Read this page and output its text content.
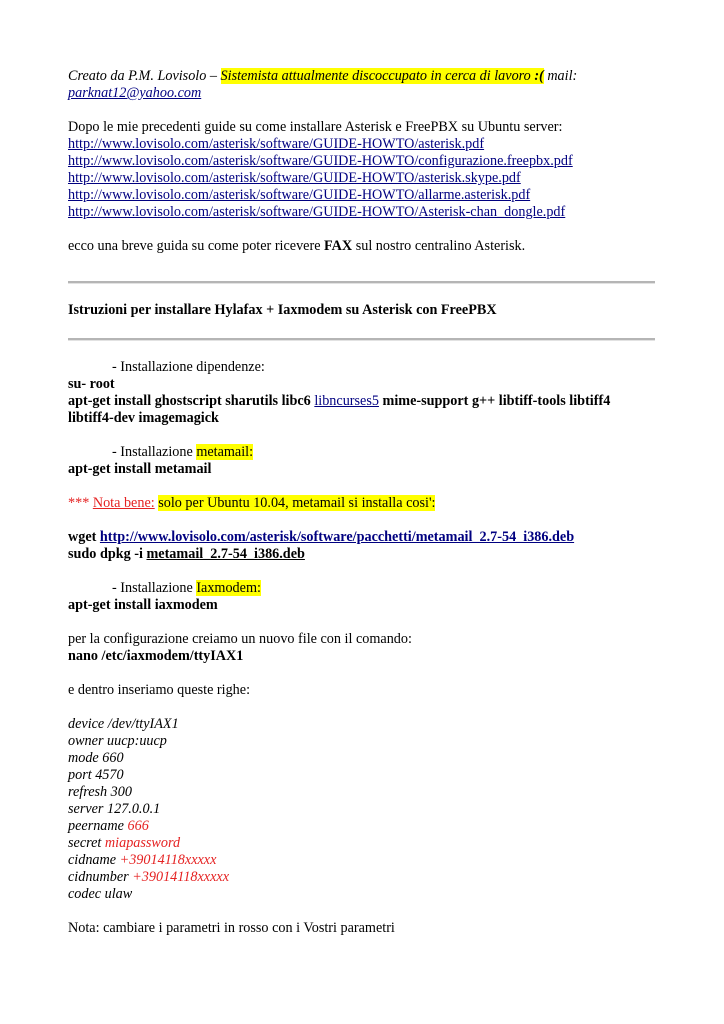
Creato da P.M. Lovisolo – Sistemista attualmente discoccupato in cerca di lavoro :( mail:
parknat12@yahoo.com
Dopo le mie precedenti guide su come installare Asterisk e FreePBX su Ubuntu server:
http://www.lovisolo.com/asterisk/software/GUIDE-HOWTO/asterisk.pdf
http://www.lovisolo.com/asterisk/software/GUIDE-HOWTO/configurazione.freepbx.pdf
http://www.lovisolo.com/asterisk/software/GUIDE-HOWTO/asterisk.skype.pdf
http://www.lovisolo.com/asterisk/software/GUIDE-HOWTO/allarme.asterisk.pdf
http://www.lovisolo.com/asterisk/software/GUIDE-HOWTO/Asterisk-chan_dongle.pdf
ecco una breve guida su come poter ricevere FAX sul nostro centralino Asterisk.
Istruzioni per installare Hylafax + Iaxmodem su Asterisk con FreePBX
- Installazione dipendenze:
su- root
apt-get install ghostscript sharutils libc6 libncurses5 mime-support g++ libtiff-tools libtiff4
libtiff4-dev imagemagick
- Installazione metamail:
apt-get install metamail
*** Nota bene: solo per Ubuntu 10.04, metamail si installa cosi':
wget http://www.lovisolo.com/asterisk/software/pacchetti/metamail_2.7-54_i386.deb
sudo dpkg -i metamail_2.7-54_i386.deb
- Installazione Iaxmodem:
apt-get install iaxmodem
per la configurazione creiamo un nuovo file con il comando:
nano /etc/iaxmodem/ttyIAX1
e dentro inseriamo queste righe:
device /dev/ttyIAX1
owner uucp:uucp
mode 660
port 4570
refresh 300
server 127.0.0.1
peername 666
secret miapassword
cidname +39014118xxxxx
cidnumber +39014118xxxxx
codec ulaw
Nota: cambiare i parametri in rosso con i Vostri parametri
